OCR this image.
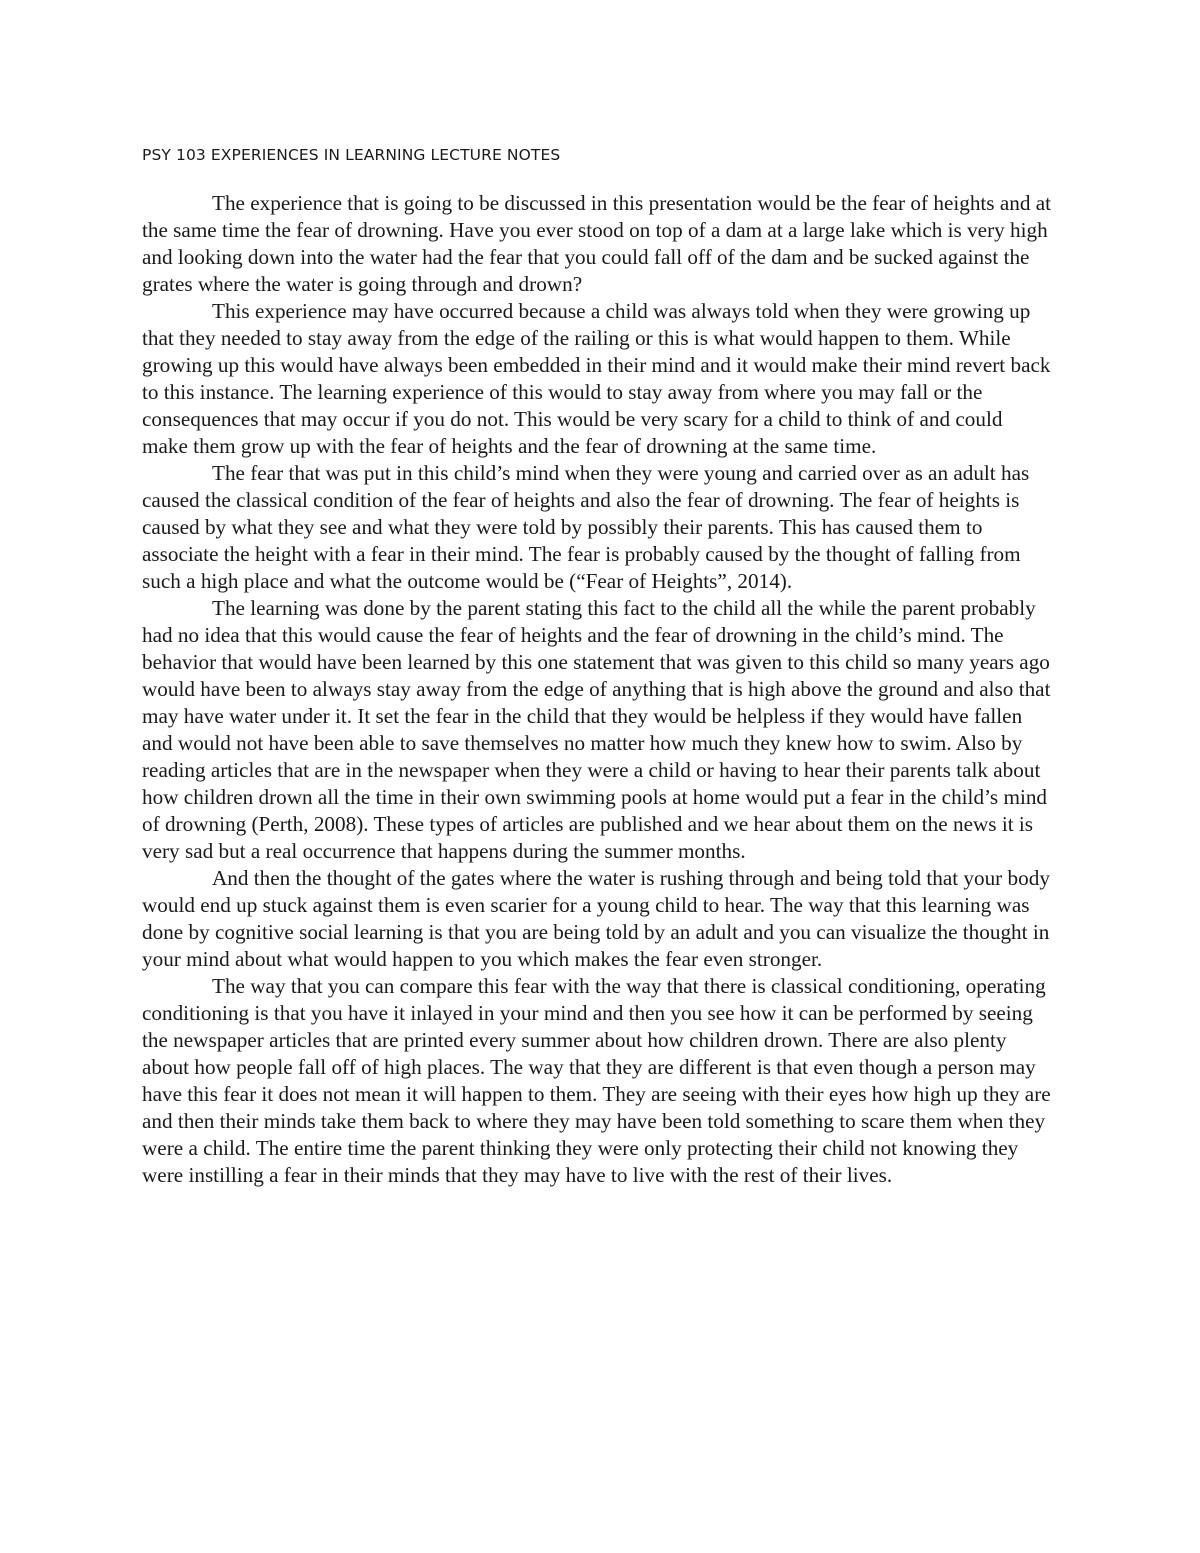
PSY 103 EXPERIENCES IN LEARNING LECTURE NOTES

The experience that is going to be discussed in this presentation would be the fear of heights and at the same time the fear of drowning. Have you ever stood on top of a dam at a large lake which is very high and looking down into the water had the fear that you could fall off of the dam and be sucked against the grates where the water is going through and drown?

This experience may have occurred because a child was always told when they were growing up that they needed to stay away from the edge of the railing or this is what would happen to them. While growing up this would have always been embedded in their mind and it would make their mind revert back to this instance. The learning experience of this would to stay away from where you may fall or the consequences that may occur if you do not. This would be very scary for a child to think of and could make them grow up with the fear of heights and the fear of drowning at the same time.

The fear that was put in this child’s mind when they were young and carried over as an adult has caused the classical condition of the fear of heights and also the fear of drowning. The fear of heights is caused by what they see and what they were told by possibly their parents. This has caused them to associate the height with a fear in their mind. The fear is probably caused by the thought of falling from such a high place and what the outcome would be (“Fear of Heights”, 2014).

The learning was done by the parent stating this fact to the child all the while the parent probably had no idea that this would cause the fear of heights and the fear of drowning in the child’s mind. The behavior that would have been learned by this one statement that was given to this child so many years ago would have been to always stay away from the edge of anything that is high above the ground and also that may have water under it. It set the fear in the child that they would be helpless if they would have fallen and would not have been able to save themselves no matter how much they knew how to swim. Also by reading articles that are in the newspaper when they were a child or having to hear their parents talk about how children drown all the time in their own swimming pools at home would put a fear in the child’s mind of drowning (Perth, 2008). These types of articles are published and we hear about them on the news it is very sad but a real occurrence that happens during the summer months.

And then the thought of the gates where the water is rushing through and being told that your body would end up stuck against them is even scarier for a young child to hear. The way that this learning was done by cognitive social learning is that you are being told by an adult and you can visualize the thought in your mind about what would happen to you which makes the fear even stronger.

The way that you can compare this fear with the way that there is classical conditioning, operating conditioning is that you have it inlayed in your mind and then you see how it can be performed by seeing the newspaper articles that are printed every summer about how children drown. There are also plenty about how people fall off of high places. The way that they are different is that even though a person may have this fear it does not mean it will happen to them. They are seeing with their eyes how high up they are and then their minds take them back to where they may have been told something to scare them when they were a child. The entire time the parent thinking they were only protecting their child not knowing they were instilling a fear in their minds that they may have to live with the rest of their lives.
